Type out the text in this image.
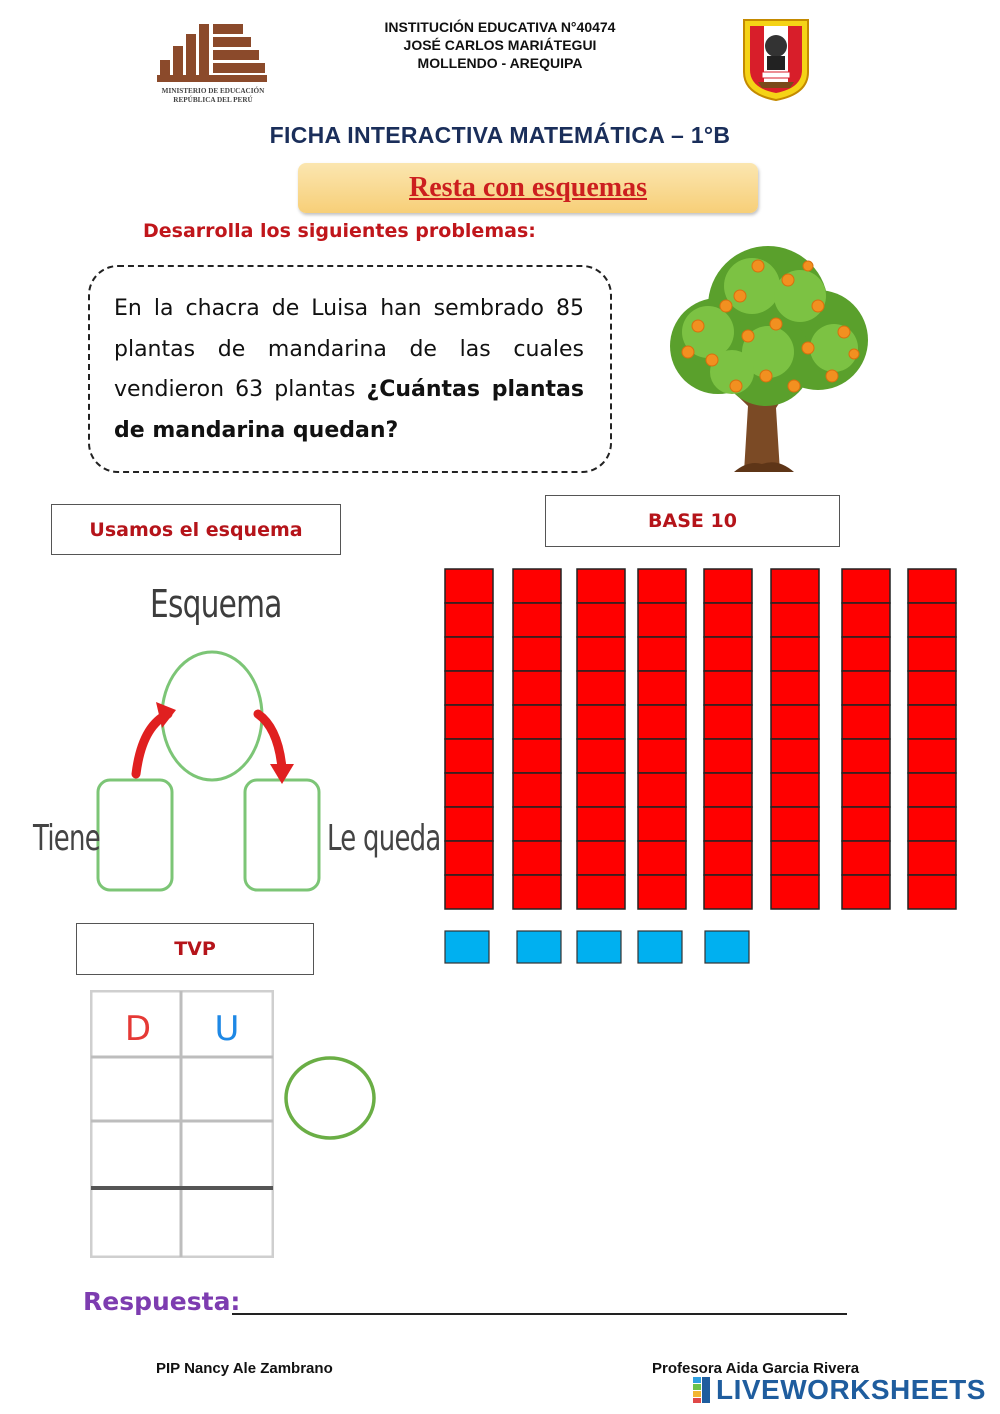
MINISTERIO DE EDUCACIÓN
REPÚBLICA DEL PERÚ
INSTITUCIÓN EDUCATIVA N°40474
JOSÉ CARLOS MARIÁTEGUI
MOLLENDO - AREQUIPA
FICHA INTERACTIVA MATEMÁTICA – 1°B
Resta con esquemas
Desarrolla los siguientes problemas:
En la chacra de Luisa han sembrado 85 plantas de mandarina de las cuales vendieron 63 plantas ¿Cuántas plantas de mandarina quedan?
Usamos el esquema	BASE 10
TVP
Esquema
Tiene	Le queda
D U
Respuesta:
PIP Nancy Ale Zambrano	Profesora Aida Garcia Rivera
LIVEWORKSHEETS
